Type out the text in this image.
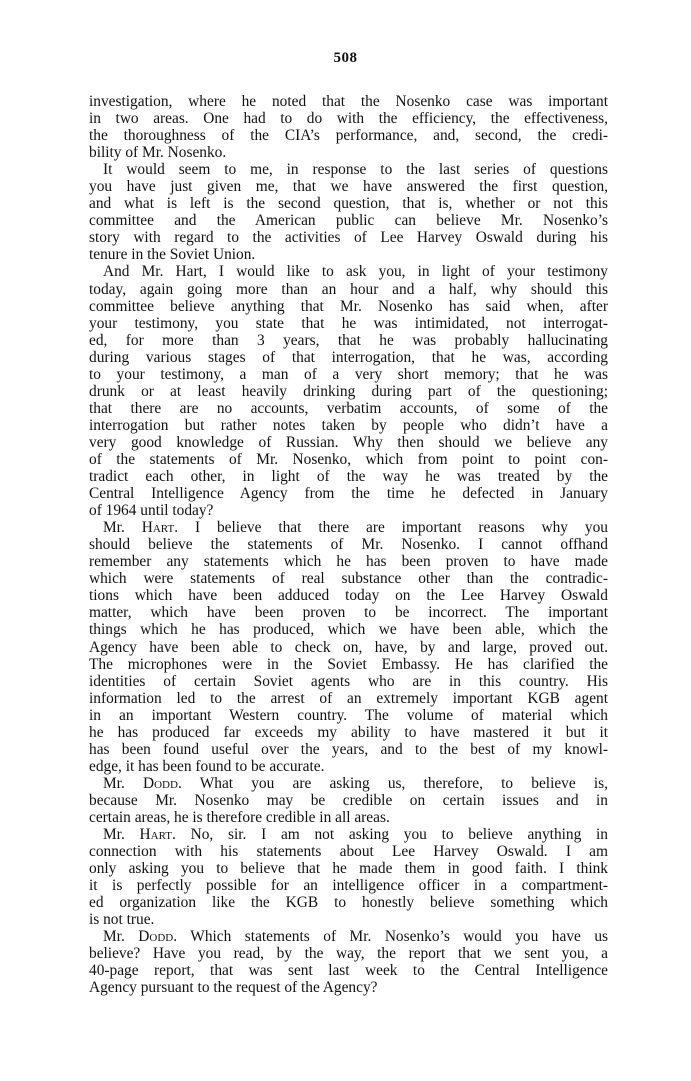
508
investigation, where he noted that the Nosenko case was important
in two areas. One had to do with the efficiency, the effectiveness,
the thoroughness of the CIA’s performance, and, second, the credi-
bility of Mr. Nosenko.
It would seem to me, in response to the last series of questions
you have just given me, that we have answered the first question,
and what is left is the second question, that is, whether or not this
committee and the American public can believe Mr. Nosenko’s
story with regard to the activities of Lee Harvey Oswald during his
tenure in the Soviet Union.
And Mr. Hart, I would like to ask you, in light of your testimony
today, again going more than an hour and a half, why should this
committee believe anything that Mr. Nosenko has said when, after
your testimony, you state that he was intimidated, not interrogat-
ed, for more than 3 years, that he was probably hallucinating
during various stages of that interrogation, that he was, according
to your testimony, a man of a very short memory; that he was
drunk or at least heavily drinking during part of the questioning;
that there are no accounts, verbatim accounts, of some of the
interrogation but rather notes taken by people who didn’t have a
very good knowledge of Russian. Why then should we believe any
of the statements of Mr. Nosenko, which from point to point con-
tradict each other, in light of the way he was treated by the
Central Intelligence Agency from the time he defected in January
of 1964 until today?
Mr. Hart. I believe that there are important reasons why you
should believe the statements of Mr. Nosenko. I cannot offhand
remember any statements which he has been proven to have made
which were statements of real substance other than the contradic-
tions which have been adduced today on the Lee Harvey Oswald
matter, which have been proven to be incorrect. The important
things which he has produced, which we have been able, which the
Agency have been able to check on, have, by and large, proved out.
The microphones were in the Soviet Embassy. He has clarified the
identities of certain Soviet agents who are in this country. His
information led to the arrest of an extremely important KGB agent
in an important Western country. The volume of material which
he has produced far exceeds my ability to have mastered it but it
has been found useful over the years, and to the best of my knowl-
edge, it has been found to be accurate.
Mr. Dodd. What you are asking us, therefore, to believe is,
because Mr. Nosenko may be credible on certain issues and in
certain areas, he is therefore credible in all areas.
Mr. Hart. No, sir. I am not asking you to believe anything in
connection with his statements about Lee Harvey Oswald. I am
only asking you to believe that he made them in good faith. I think
it is perfectly possible for an intelligence officer in a compartment-
ed organization like the KGB to honestly believe something which
is not true.
Mr. Dodd. Which statements of Mr. Nosenko’s would you have us
believe? Have you read, by the way, the report that we sent you, a
40-page report, that was sent last week to the Central Intelligence
Agency pursuant to the request of the Agency?
